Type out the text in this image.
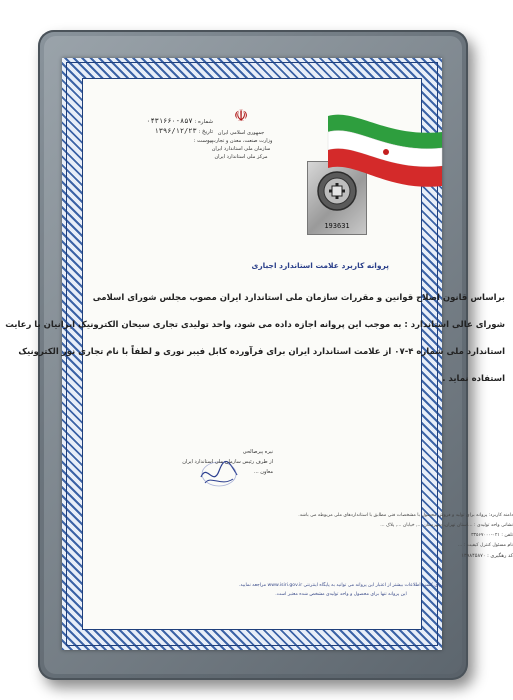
☫
جمهوری اسلامی ایران
وزارت صنعت، معدن و تجارت
سازمان ملی استاندارد ایران
مرکز ملی استاندارد ایران
شماره : ۸۵۷-۰۴۳۱۶۶۰
تاریخ : ۱۳۹۶/۱۲/۲۳
پیوست :
193631
پروانه کاربرد علامت استاندارد اجباری

براساس قانون اصلاح قوانین و مقررات سازمان ملی استاندارد ایران مصوب مجلس شورای اسلامی

شورای عالی استاندارد : به موجب این پروانه اجازه داده می شود، واحد تولیدی تجاری سیحان الکترونیک ایرانیان با رعایت

استاندارد ملی شماره ۴-۰۷ از علامت استاندارد ایران برای فرآورده کابل فیبر نوری و لطفاً با نام تجاری نور الکترونیک

استفاده نماید .

نیره پیرصالحی
از طرف رئیس سازمان ملی استاندارد ایران
معاون ...
دامنه کاربرد: پروانه برای تولید و فروش محصول با مشخصات فنی مطابق با استانداردهای ملی مربوطه می باشد.
نشانی واحد تولیدی : ...استان تهران، شهرستان ..., خیابان ..., پلاک ...
تلفن : ۰۲۱-۳۳۵۶۷۰۰۰
نام مسئول کنترل کیفیت : ...
کد رهگیری : ۱۳۹۸۴۵۸۷۰
برای کسب اطلاعات بیشتر از اعتبار این پروانه می توانید به پایگاه اینترنتی www.isiri.gov.ir مراجعه نمایید.
این پروانه تنها برای محصول و واحد تولیدی مشخص شده معتبر است.
